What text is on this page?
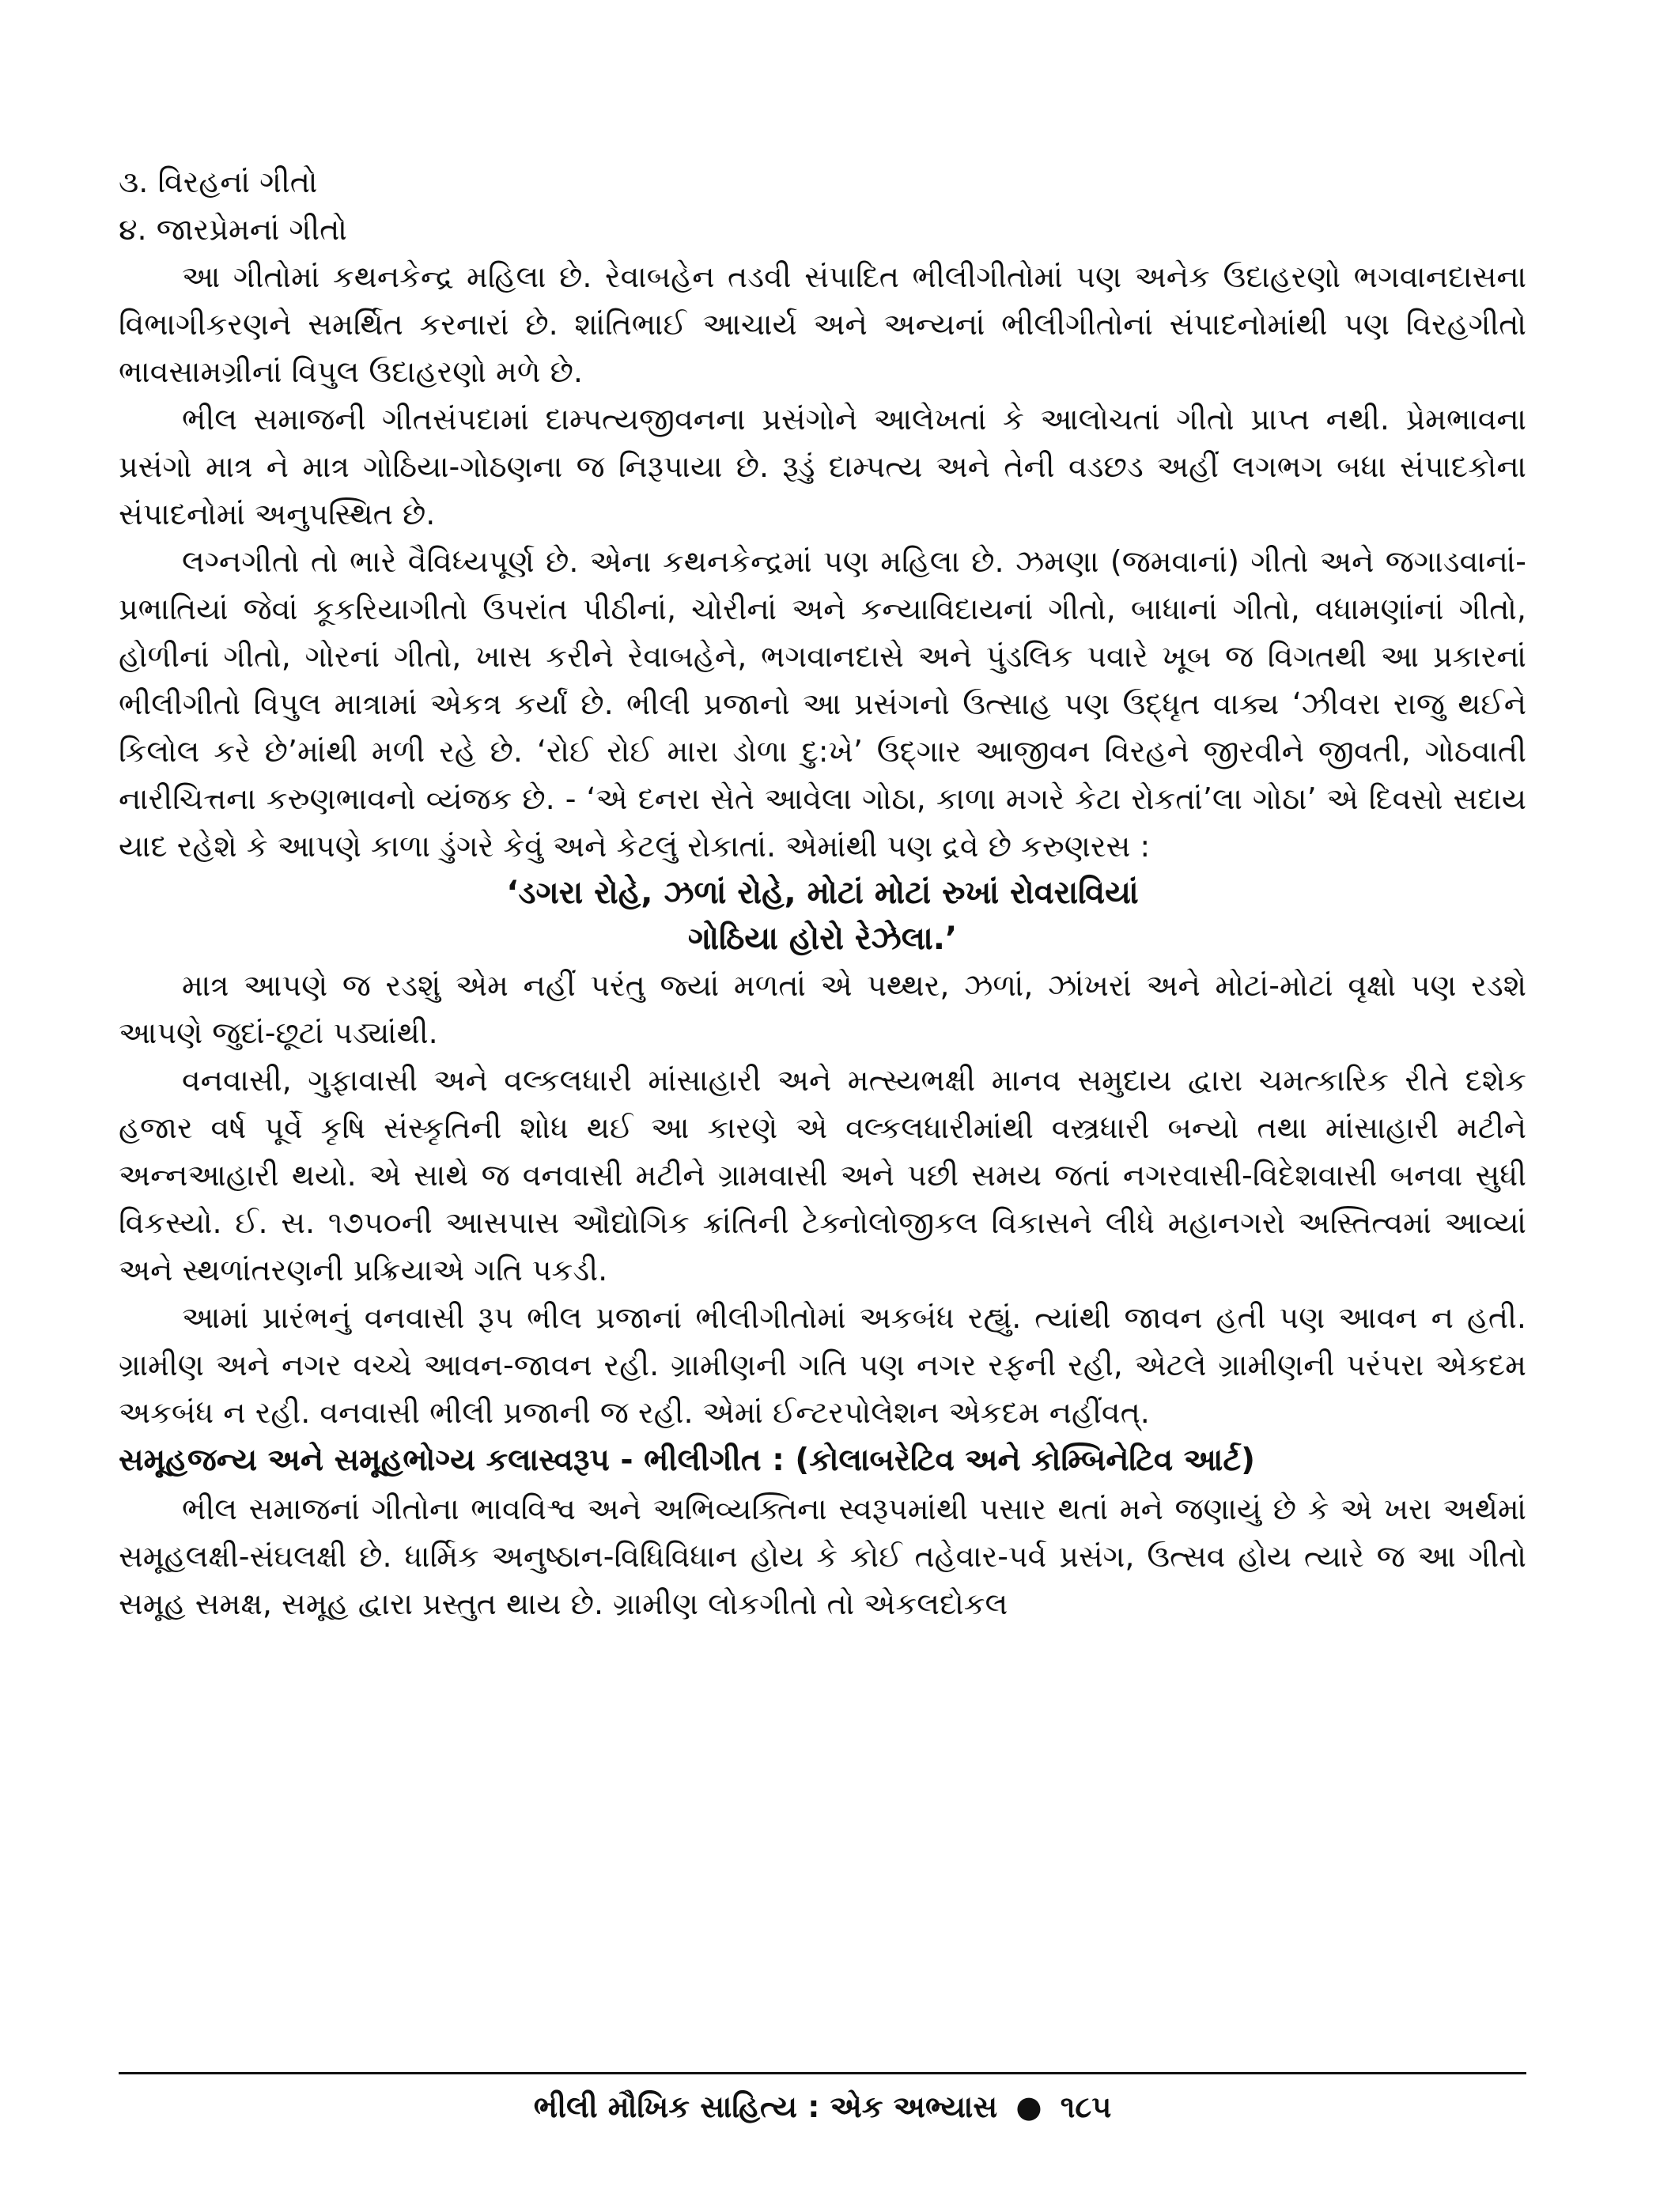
૩. વિરહનાં ગીતો

૪. જારપ્રેમનાં ગીતો

આ ગીતોમાં કથનકેન્દ્ર મહિલા છે. રેવાબહેન તડવી સંપાદિત ભીલીગીતોમાં પણ અનેક ઉદાહરણો ભગવાનદાસના વિભાગીકરણને સમર્થિત કરનારાં છે. શાંતિભાઈ આચાર્ય અને અન્યનાં ભીલીગીતોનાં સંપાદનોમાંથી પણ વિરહગીતો ભાવસામગ્રીનાં વિપુલ ઉદાહરણો મળે છે.

ભીલ સમાજની ગીતસંપદામાં દામ્પત્યજીવનના પ્રસંગોને આલેખતાં કે આલોચતાં ગીતો પ્રાપ્ત નથી. પ્રેમભાવના પ્રસંગો માત્ર ને માત્ર ગોઠિયા-ગોઠણના જ નિરૂપાયા છે. રૂડું દામ્પત્ય અને તેની વડછડ અહીં લગભગ બધા સંપાદકોના સંપાદનોમાં અનુપસ્થિત છે.

લગ્નગીતો તો ભારે વૈવિધ્યપૂર્ણ છે. એના કથનકેન્દ્રમાં પણ મહિલા છે. ઝમણા (જમવાનાં) ગીતો અને જગાડવાનાં-પ્રભાતિયાં જેવાં કૂકરિયાગીતો ઉપરાંત પીઠીનાં, ચોરીનાં અને કન્યાવિદાયનાં ગીતો, બાધાનાં ગીતો, વધામણાંનાં ગીતો, હોળીનાં ગીતો, ગોરનાં ગીતો, ખાસ કરીને રેવાબહેને, ભગવાનદાસે અને પુંડલિક પવારે ખૂબ જ વિગતથી આ પ્રકારનાં ભીલીગીતો વિપુલ માત્રામાં એકત્ર કર્યાં છે. ભીલી પ્રજાનો આ પ્રસંગનો ઉત્સાહ પણ ઉદ્ધૃત વાક્ય ‘ઝીવરા રાજુ થઈને કિલોલ કરે છે’માંથી મળી રહે છે. ‘રોઈ રોઈ મારા ડોળા દુ:ખે’ ઉદ્ગાર આજીવન વિરહને જીરવીને જીવતી, ગોઠવાતી નારીચિત્તના કરુણભાવનો વ્યંજક છે. - ‘એ દનરા સેતે આવેલા ગોઠા, કાળા મગરે કેટા રોકતાં’લા ગોઠા’ એ દિવસો સદાય યાદ રહેશે કે આપણે કાળા ડુંગરે કેવું અને કેટલું રોકાતાં. એમાંથી પણ દ્રવે છે કરુણરસ :

‘ડગરા રોહે, ઝળાં રોહે, મોટાં મોટાં રુખાં રોવરાવિયાં
ગોઠિયા હોરો રેઝેલા.’

માત્ર આપણે જ રડશું એમ નહીં પરંતુ જ્યાં મળતાં એ પથ્થર, ઝળાં, ઝાંખરાં અને મોટાં-મોટાં વૃક્ષો પણ રડશે આપણે જુદાં-છૂટાં પડ્યાંથી.

વનવાસી, ગુફાવાસી અને વલ્કલધારી માંસાહારી અને મત્સ્યભક્ષી માનવ સમુદાય દ્વારા ચમત્કારિક રીતે દશેક હજાર વર્ષ પૂર્વે કૃષિ સંસ્કૃતિની શોધ થઈ આ કારણે એ વલ્કલધારીમાંથી વસ્ત્રધારી બન્યો તથા માંસાહારી મટીને અન્નઆહારી થયો. એ સાથે જ વનવાસી મટીને ગ્રામવાસી અને પછી સમય જતાં નગરવાસી-વિદેશવાસી બનવા સુધી વિકસ્યો. ઈ. સ. ૧૭૫૦ની આસપાસ ઔદ્યોગિક ક્રાંતિની ટેક્નોલોજીકલ વિકાસને લીધે મહાનગરો અસ્તિત્વમાં આવ્યાં અને સ્થળાંતરણની પ્રક્રિયાએ ગતિ પકડી.

આમાં પ્રારંભનું વનવાસી રૂપ ભીલ પ્રજાનાં ભીલીગીતોમાં અકબંધ રહ્યું. ત્યાંથી જાવન હતી પણ આવન ન હતી. ગ્રામીણ અને નગર વચ્ચે આવન-જાવન રહી. ગ્રામીણની ગતિ પણ નગર રફની રહી, એટલે ગ્રામીણની પરંપરા એકદમ અકબંધ ન રહી. વનવાસી ભીલી પ્રજાની જ રહી. એમાં ઈન્ટરપોલેશન એકદમ નહીંવત્.

સમૂહજન્ય અને સમૂહભોગ્ય કલાસ્વરૂપ - ભીલીગીત : (કોલાબરેટિવ અને કોમ્બિનેટિવ આર્ટ)

ભીલ સમાજનાં ગીતોના ભાવવિશ્વ અને અભિવ્યક્તિના સ્વરૂપમાંથી પસાર થતાં મને જણાયું છે કે એ ખરા અર્થમાં સમૂહલક્ષી-સંઘલક્ષી છે. ધાર્મિક અનુષ્ઠાન-વિધિવિધાન હોય કે કોઈ તહેવાર-પર્વ પ્રસંગ, ઉત્સવ હોય ત્યારે જ આ ગીતો સમૂહ સમક્ષ, સમૂહ દ્વારા પ્રસ્તુત થાય છે. ગ્રામીણ લોકગીતો તો એકલદોકલ

ભીલી મૌખિક સાહિત્ય : એક અભ્યાસ ● ૧૮૫
